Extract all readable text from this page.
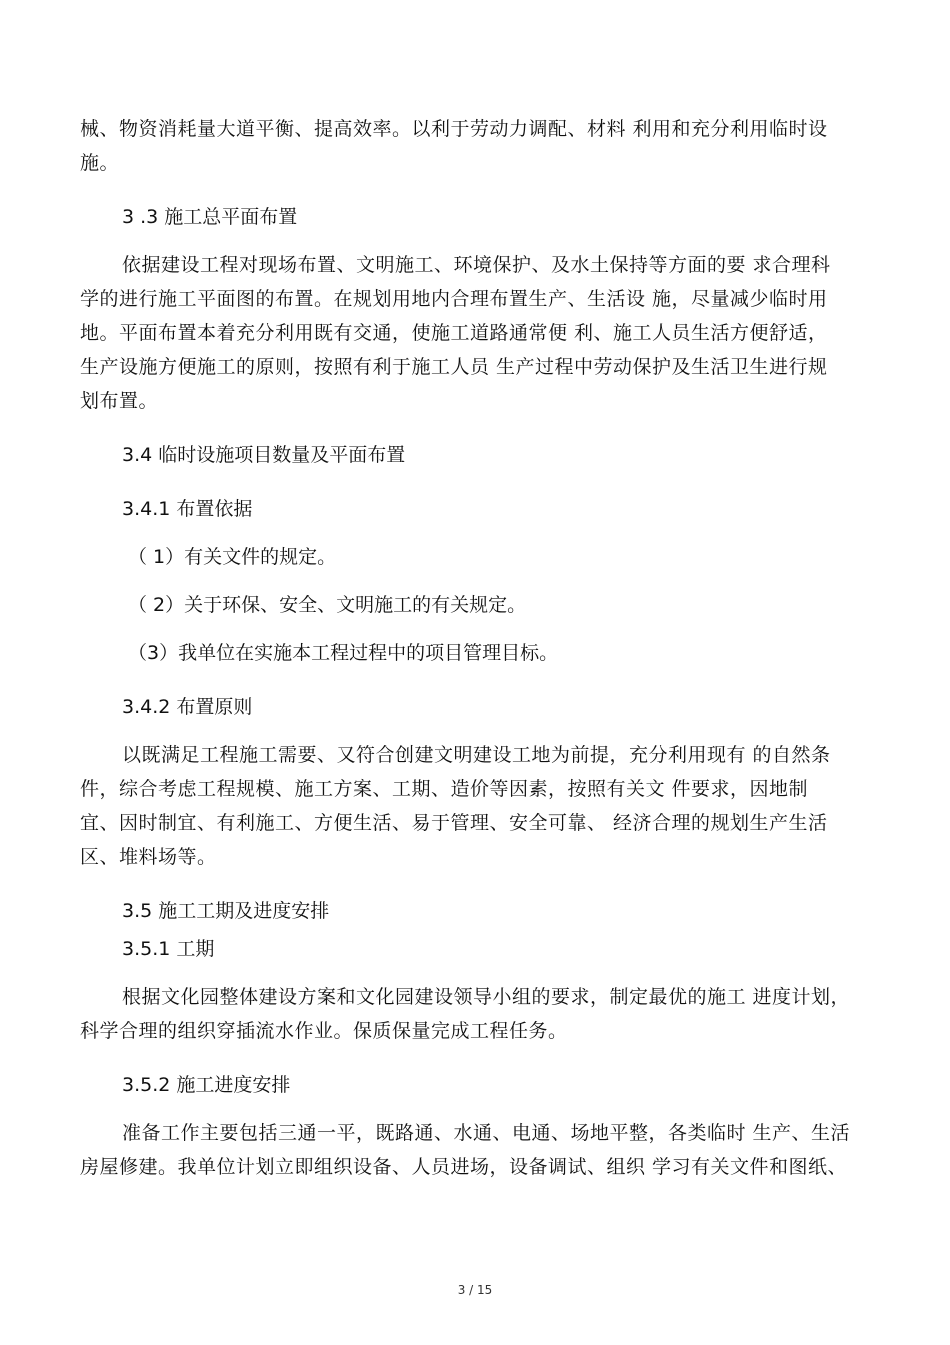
械、物资消耗量大道平衡、提高效率。以利于劳动力调配、材料 利用和充分利用临时设
施。

3 .3 施工总平面布置

依据建设工程对现场布置、文明施工、环境保护、及水土保持等方面的要 求合理科
学的进行施工平面图的布置。在规划用地内合理布置生产、生活设 施，尽量减少临时用
地。平面布置本着充分利用既有交通，使施工道路通常便 利、施工人员生活方便舒适，
生产设施方便施工的原则，按照有利于施工人员 生产过程中劳动保护及生活卫生进行规
划布置。

3.4 临时设施项目数量及平面布置

3.4.1 布置依据

（ 1）有关文件的规定。

（ 2）关于环保、安全、文明施工的有关规定。

（3）我单位在实施本工程过程中的项目管理目标。

3.4.2 布置原则

以既满足工程施工需要、又符合创建文明建设工地为前提，充分利用现有 的自然条
件，综合考虑工程规模、施工方案、工期、造价等因素，按照有关文 件要求，因地制
宜、因时制宜、有利施工、方便生活、易于管理、安全可靠、 经济合理的规划生产生活
区、堆料场等。

3.5 施工工期及进度安排

3.5.1 工期

根据文化园整体建设方案和文化园建设领导小组的要求，制定最优的施工 进度计划，
科学合理的组织穿插流水作业。保质保量完成工程任务。

3.5.2 施工进度安排

准备工作主要包括三通一平，既路通、水通、电通、场地平整，各类临时 生产、生活
房屋修建。我单位计划立即组织设备、人员进场，设备调试、组织 学习有关文件和图纸、

3 / 15
